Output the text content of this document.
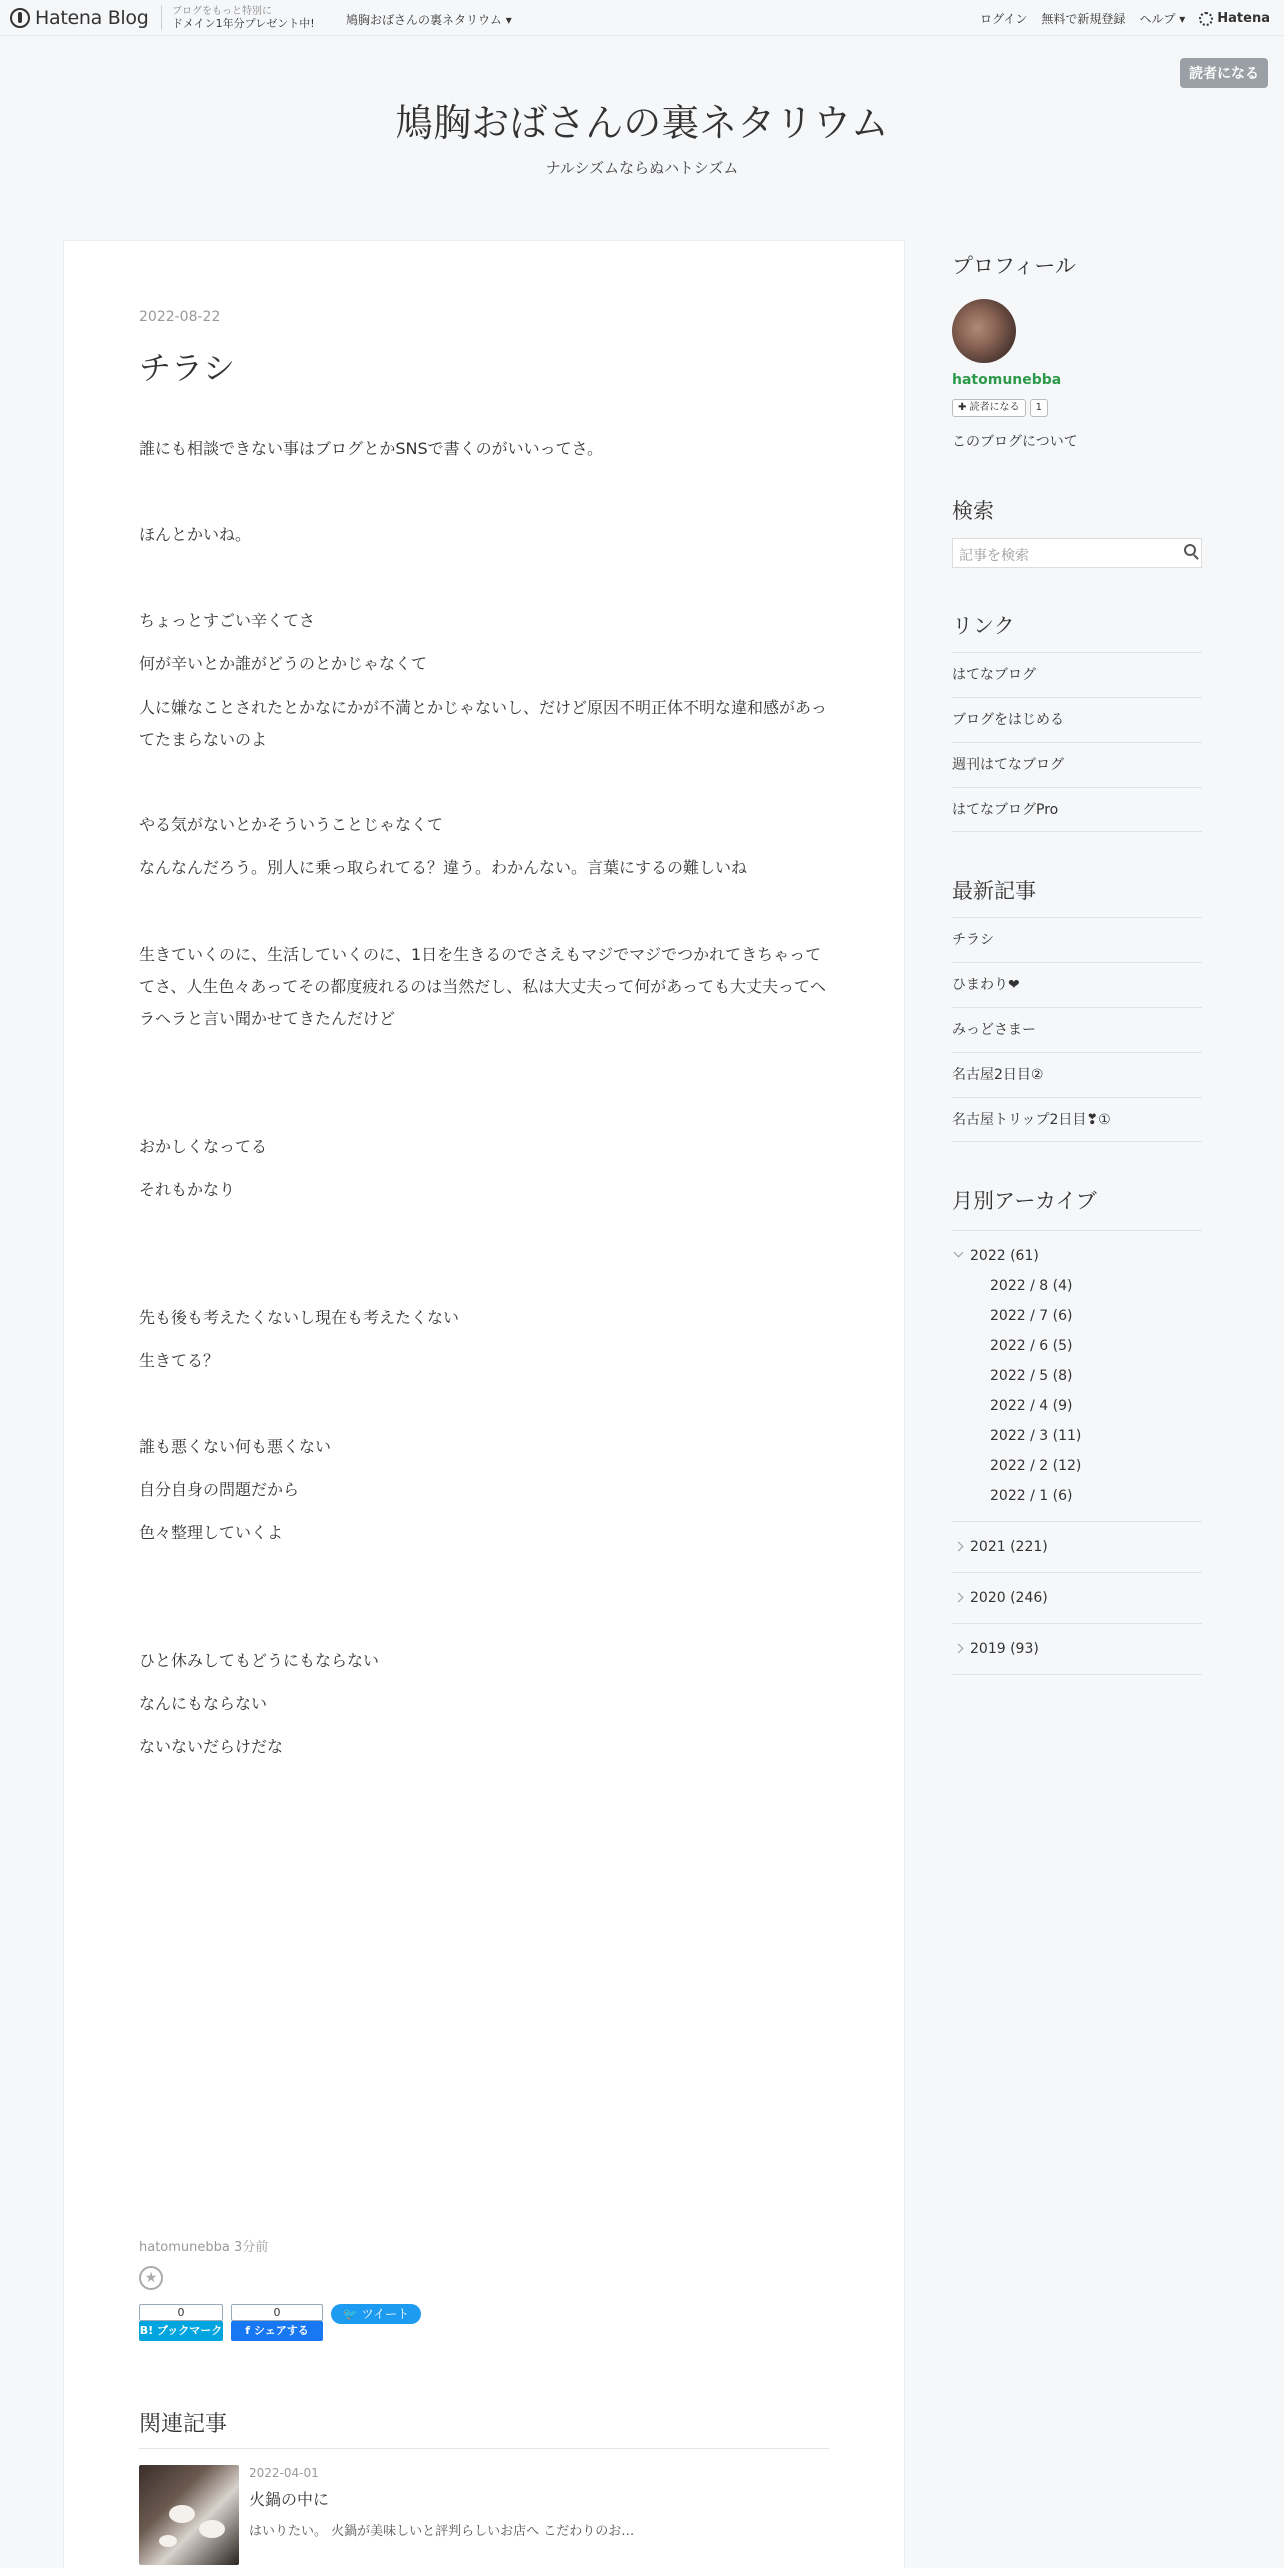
Hatena Blog ブログをもっと特別に
ドメイン1年分プレゼント中!	鳩胸おばさんの裏ネタリウム ▾	ログイン 無料で新規登録 ヘルプ ▾ Hatena
読者になる
鳩胸おばさんの裏ネタリウム
ナルシズムならぬハトシズム
2022-08-22
チラシ

誰にも相談できない事はブログとかSNSで書くのがいいってさ。

ほんとかいね。

ちょっとすごい辛くてさ

何が辛いとか誰がどうのとかじゃなくて

人に嫌なことされたとかなにかが不満とかじゃないし、だけど原因不明正体不明な違和感があってたまらないのよ

やる気がないとかそういうことじゃなくて

なんなんだろう。別人に乗っ取られてる？違う。わかんない。言葉にするの難しいね

生きていくのに、生活していくのに、1日を生きるのでさえもマジでマジでつかれてきちゃっててさ、人生色々あってその都度疲れるのは当然だし、私は大丈夫って何があっても大丈夫ってヘラヘラと言い聞かせてきたんだけど

おかしくなってる

それもかなり

先も後も考えたくないし現在も考えたくない

生きてる？

誰も悪くない何も悪くない

自分自身の問題だから

色々整理していくよ

ひと休みしてもどうにもならない

なんにもならない

ないないだらけだな

hatomunebba 3分前
★
0
B! ブックマーク
0
f シェアする
🐦 ツイート
関連記事
2022-04-01
火鍋の中に
はいりたい。 火鍋が美味しいと評判らしいお店へ こだわりのお…
プロフィール
hatomunebba
✚ 読者になる	1
このブログについて
検索
記事を検索
リンク
はてなブログ
ブログをはじめる
週刊はてなブログ
はてなブログPro
最新記事
チラシ
ひまわり❤
みっどさまー
名古屋2日目②
名古屋トリップ2日目❣①
月別アーカイブ
2022 (61)
2022 / 8 (4)
2022 / 7 (6)
2022 / 6 (5)
2022 / 5 (8)
2022 / 4 (9)
2022 / 3 (11)
2022 / 2 (12)
2022 / 1 (6)
2021 (221)
2020 (246)
2019 (93)
